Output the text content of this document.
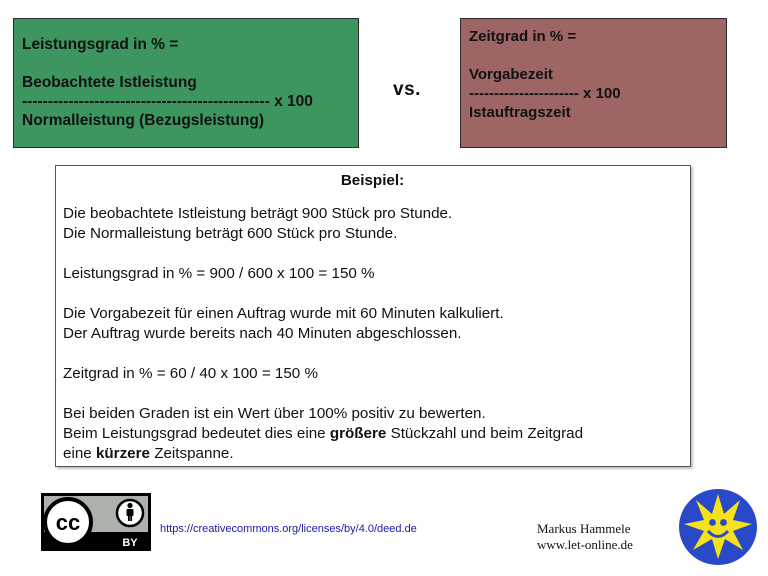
Leistungsgrad in % =
Beobachtete Istleistung
------------------------------------------------ x 100
Normalleistung (Bezugsleistung)
vs.
Zeitgrad in % =
Vorgabezeit
---------------------- x 100
Istauftragszeit
Beispiel:
Die beobachtete Istleistung beträgt 900 Stück pro Stunde.
Die Normalleistung beträgt 600 Stück pro Stunde.
Leistungsgrad in % = 900 / 600 x 100 = 150 %
Die Vorgabezeit für einen Auftrag wurde mit 60 Minuten kalkuliert.
Der Auftrag wurde bereits nach 40 Minuten abgeschlossen.
Zeitgrad in % = 60 / 40 x 100 = 150 %
Bei beiden Graden ist ein Wert über 100% positiv zu bewerten.
Beim Leistungsgrad bedeutet dies eine größere Stückzahl und beim Zeitgrad
eine kürzere Zeitspanne.
cc
BY
https://creativecommons.org/licenses/by/4.0/deed.de	Markus Hammele
www.let-online.de
